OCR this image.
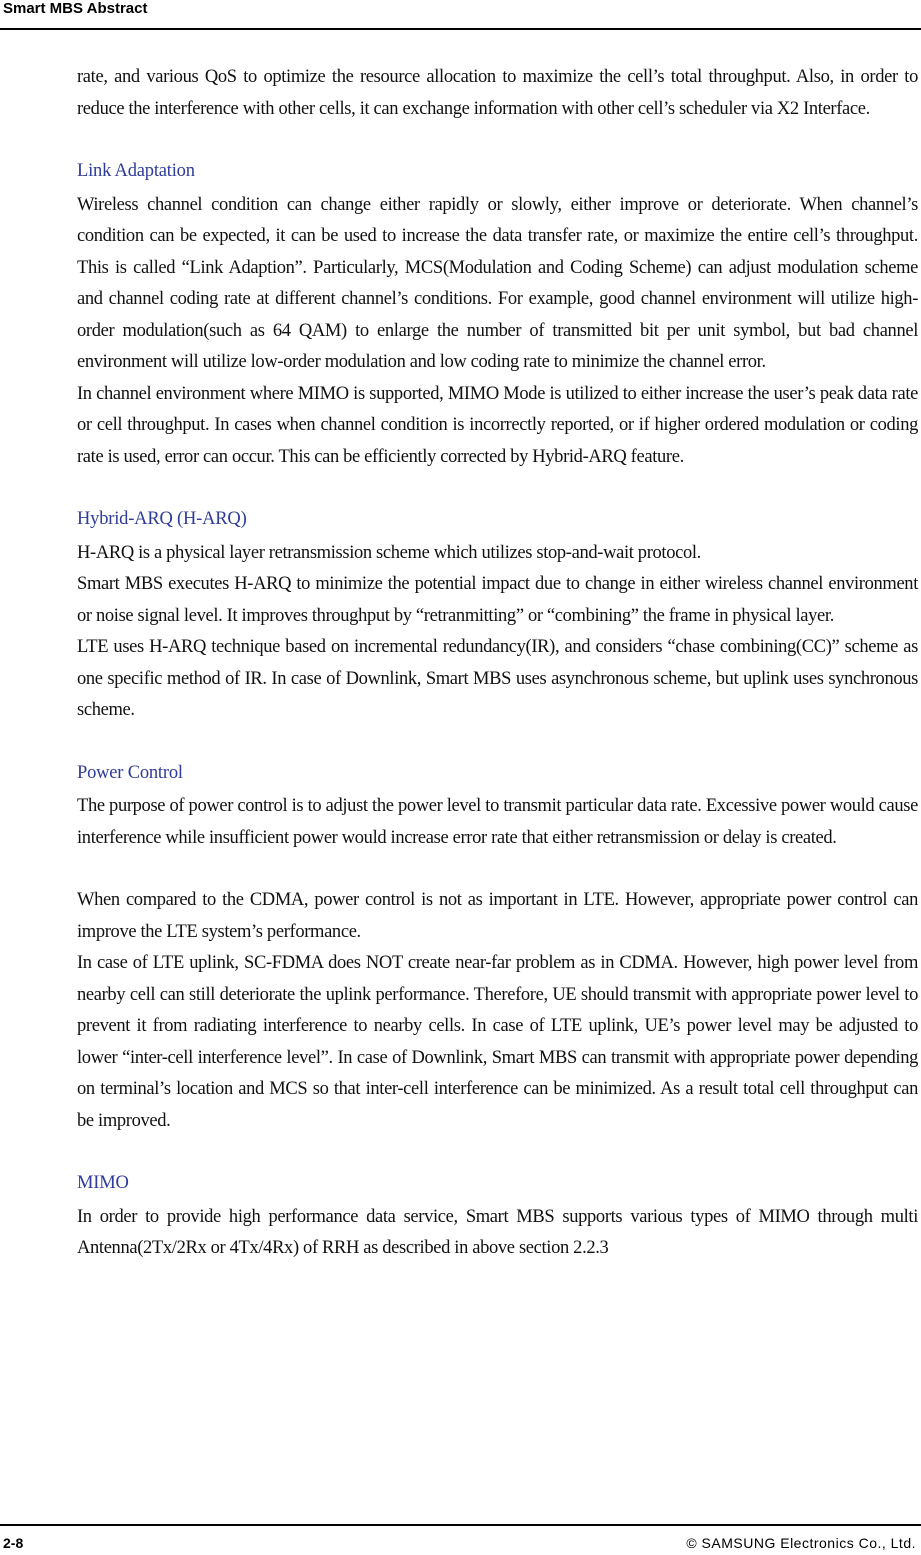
Smart MBS Abstract

rate, and various QoS to optimize the resource allocation to maximize the cell’s total throughput. Also, in order to reduce the interference with other cells, it can exchange information with other cell’s scheduler via X2 Interface.

Link Adaptation

Wireless channel condition can change either rapidly or slowly, either improve or deteriorate. When channel’s condition can be expected, it can be used to increase the data transfer rate, or maximize the entire cell’s throughput. This is called “Link Adaption”. Particularly, MCS(Modulation and Coding Scheme) can adjust modulation scheme and channel coding rate at different channel’s conditions. For example, good channel environment will utilize high-order modulation(such as 64 QAM) to enlarge the number of transmitted bit per unit symbol, but bad channel environment will utilize low-order modulation and low coding rate to minimize the channel error.

In channel environment where MIMO is supported, MIMO Mode is utilized to either increase the user’s peak data rate or cell throughput. In cases when channel condition is incorrectly reported, or if higher ordered modulation or coding rate is used, error can occur. This can be efficiently corrected by Hybrid-ARQ feature.

Hybrid-ARQ (H-ARQ)

H-ARQ is a physical layer retransmission scheme which utilizes stop-and-wait protocol.

Smart MBS executes H-ARQ to minimize the potential impact due to change in either wireless channel environment or noise signal level. It improves throughput by “retranmitting” or “combining” the frame in physical layer.

LTE uses H-ARQ technique based on incremental redundancy(IR), and considers “chase combining(CC)” scheme as one specific method of IR. In case of Downlink, Smart MBS uses asynchronous scheme, but uplink uses synchronous scheme.

Power Control

The purpose of power control is to adjust the power level to transmit particular data rate. Excessive power would cause interference while insufficient power would increase error rate that either retransmission or delay is created.

When compared to the CDMA, power control is not as important in LTE. However, appropriate power control can improve the LTE system’s performance.

In case of LTE uplink, SC-FDMA does NOT create near-far problem as in CDMA. However, high power level from nearby cell can still deteriorate the uplink performance. Therefore, UE should transmit with appropriate power level to prevent it from radiating interference to nearby cells. In case of LTE uplink, UE’s power level may be adjusted to lower “inter-cell interference level”. In case of Downlink, Smart MBS can transmit with appropriate power depending on terminal’s location and MCS so that inter-cell interference can be minimized. As a result total cell throughput can be improved.

MIMO

In order to provide high performance data service, Smart MBS supports various types of MIMO through multi Antenna(2Tx/2Rx or 4Tx/4Rx) of RRH as described in above section 2.2.3

2-8	© SAMSUNG Electronics Co., Ltd.
